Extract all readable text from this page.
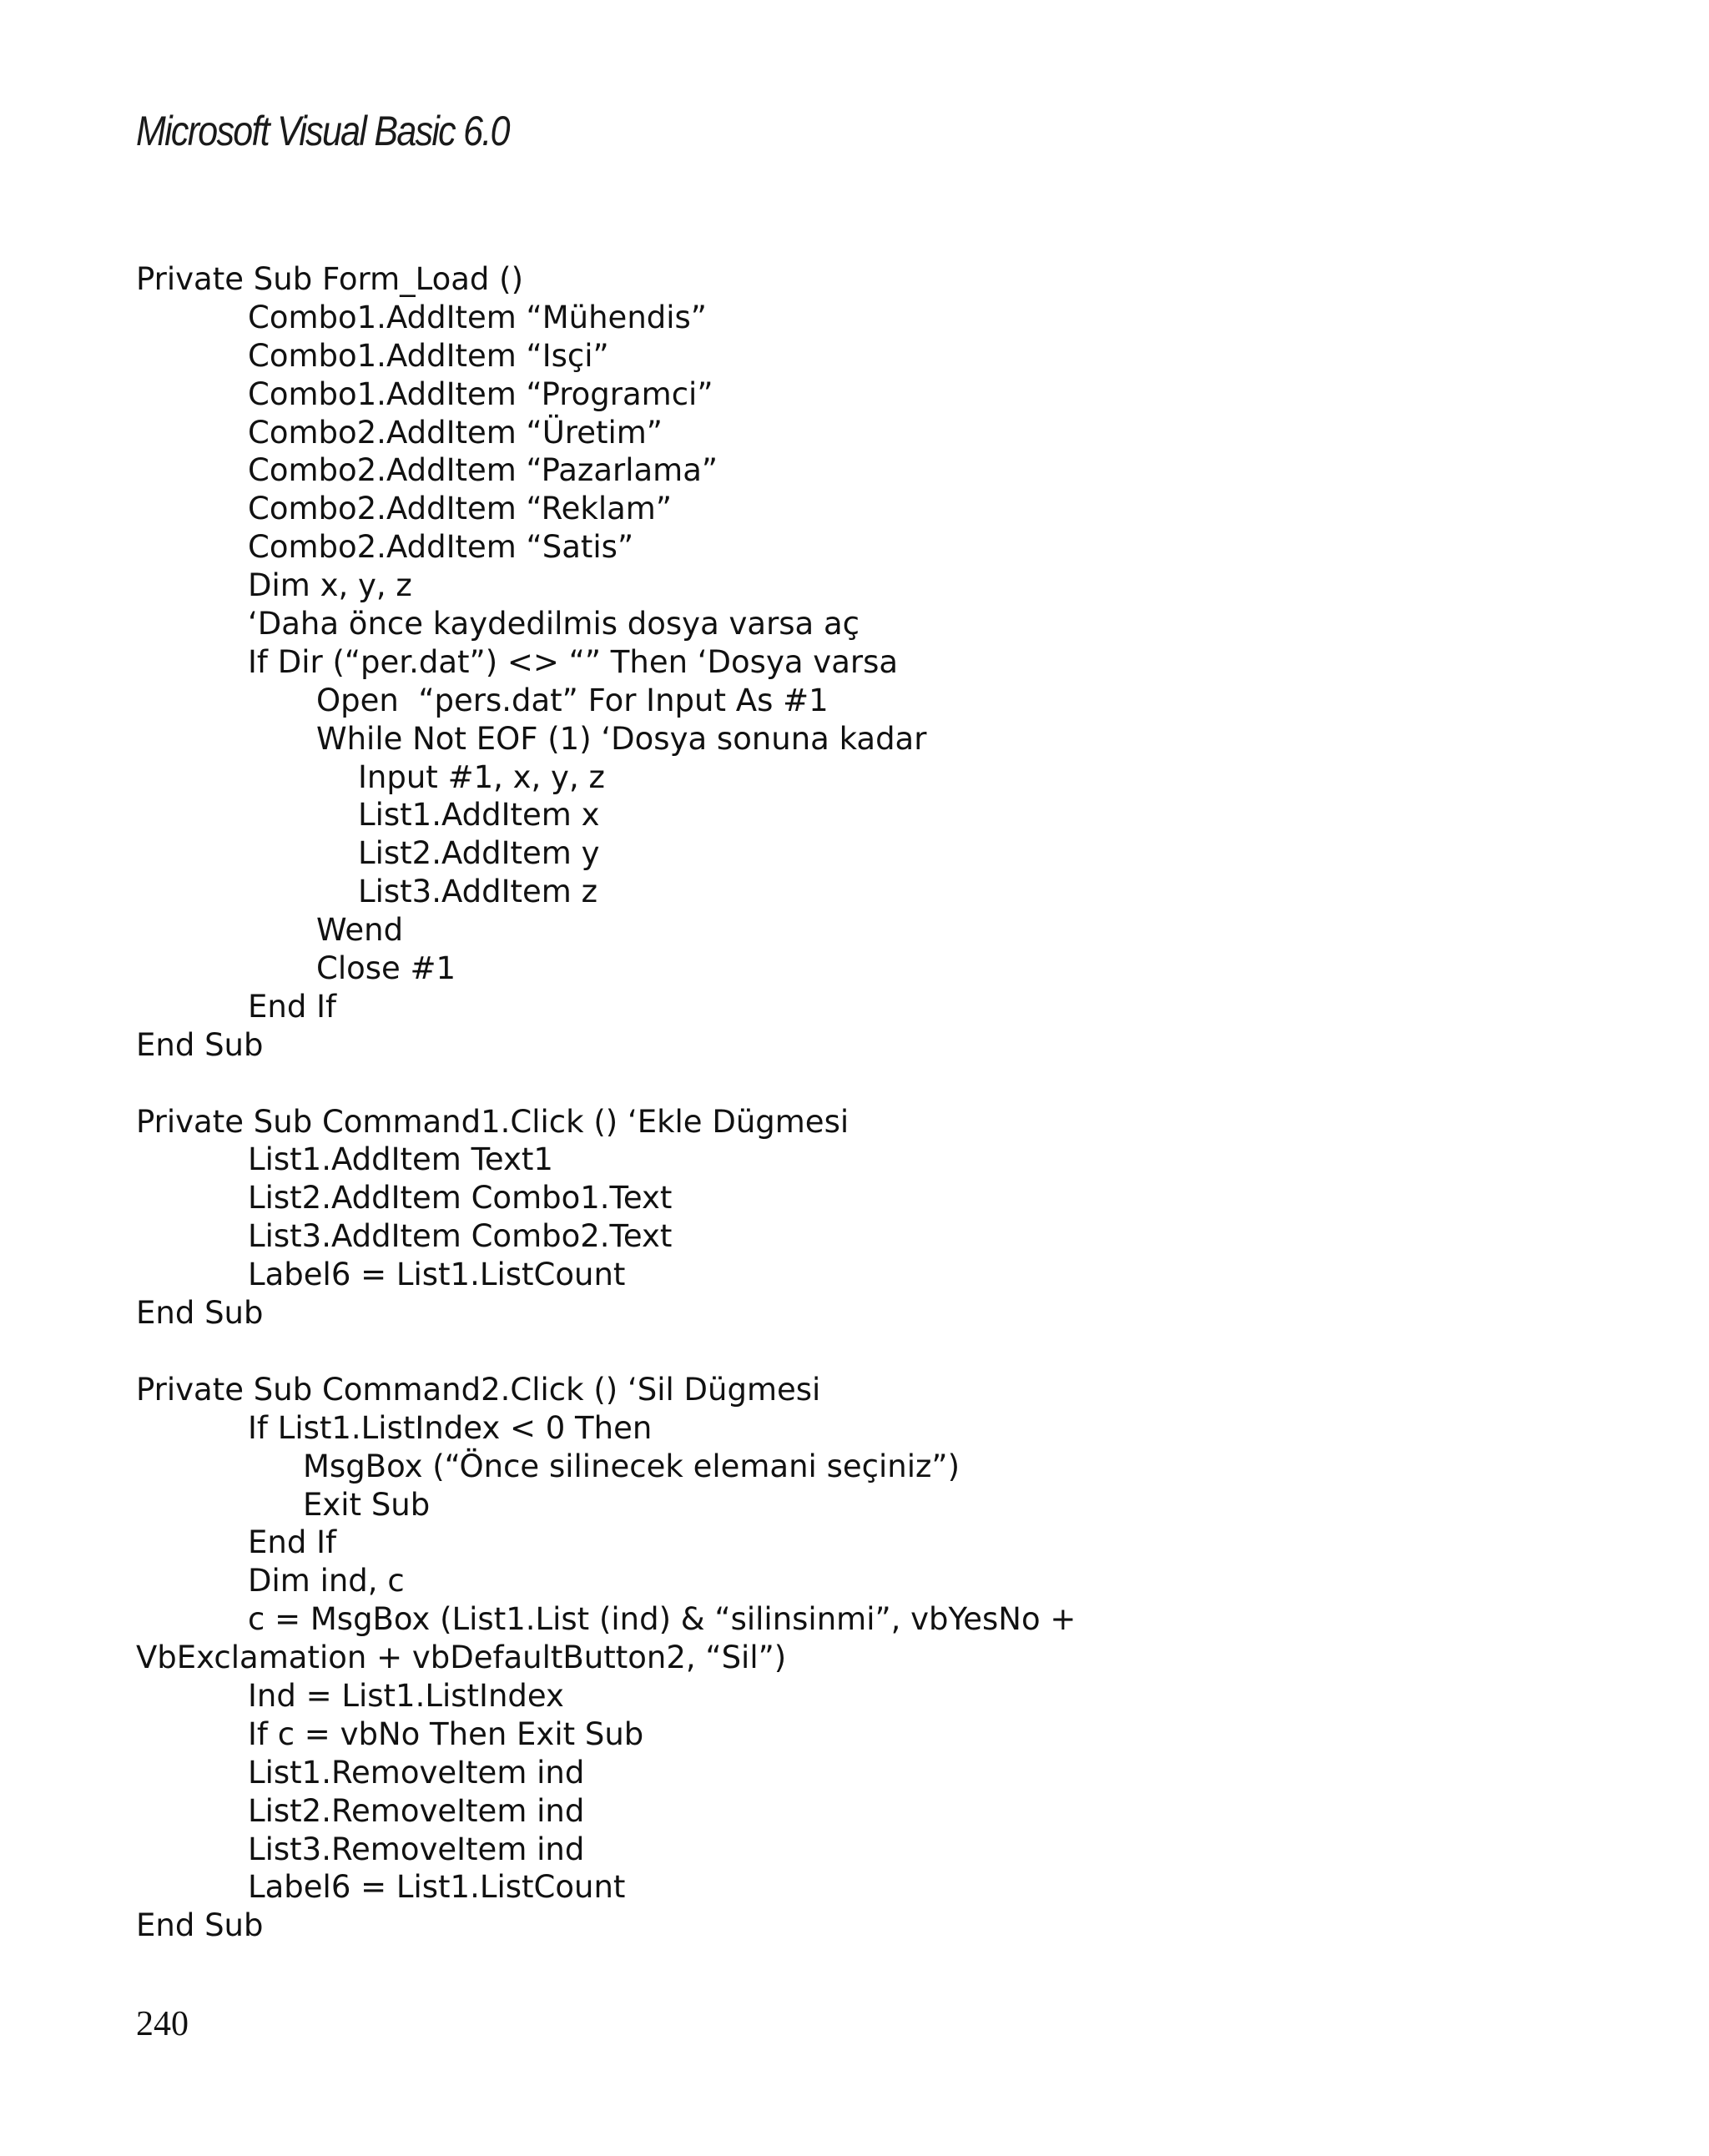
Microsoft Visual Basic 6.0
Private Sub Form_Load ()
Combo1.AddItem “Mühendis”
Combo1.AddItem “Isçi”
Combo1.AddItem “Programci”
Combo2.AddItem “Üretim”
Combo2.AddItem “Pazarlama”
Combo2.AddItem “Reklam”
Combo2.AddItem “Satis”
Dim x, y, z
‘Daha önce kaydedilmis dosya varsa aç
If Dir (“per.dat”) <> “” Then ‘Dosya varsa
Open  “pers.dat” For Input As #1
While Not EOF (1) ‘Dosya sonuna kadar
Input #1, x, y, z
List1.AddItem x
List2.AddItem y
List3.AddItem z
Wend
Close #1
End If
End Sub
Private Sub Command1.Click () ‘Ekle Dügmesi
List1.AddItem Text1
List2.AddItem Combo1.Text
List3.AddItem Combo2.Text
Label6 = List1.ListCount
End Sub
Private Sub Command2.Click () ‘Sil Dügmesi
If List1.ListIndex < 0 Then
MsgBox (“Önce silinecek elemani seçiniz”)
Exit Sub
End If
Dim ind, c
c = MsgBox (List1.List (ind) & “silinsinmi”, vbYesNo +
VbExclamation + vbDefaultButton2, “Sil”)
Ind = List1.ListIndex
If c = vbNo Then Exit Sub
List1.RemoveItem ind
List2.RemoveItem ind
List3.RemoveItem ind
Label6 = List1.ListCount
End Sub
240
